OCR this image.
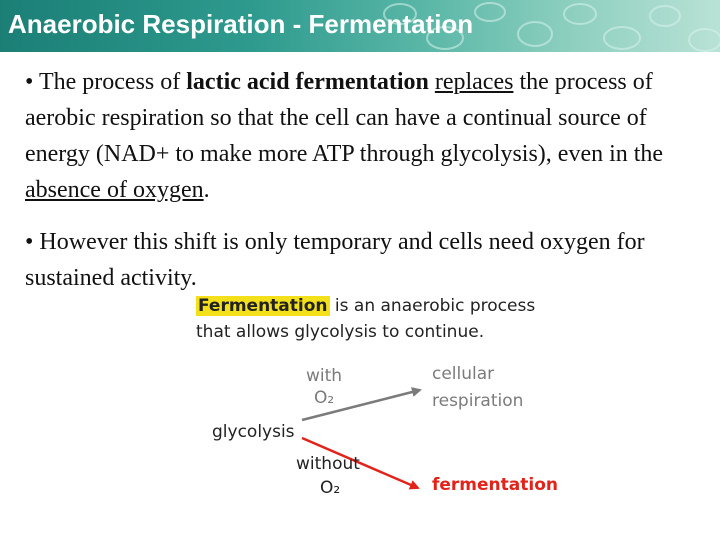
Anaerobic Respiration - Fermentation

• The process of lactic acid fermentation replaces the process of aerobic respiration so that the cell can have a continual source of energy (NAD+ to make more ATP through glycolysis), even in the absence of oxygen.

• However this shift is only temporary and cells need oxygen for sustained activity.

Fermentation is an anaerobic process
that allows glycolysis to continue.
with
O₂
cellular
respiration
glycolysis
without
O₂	fermentation
